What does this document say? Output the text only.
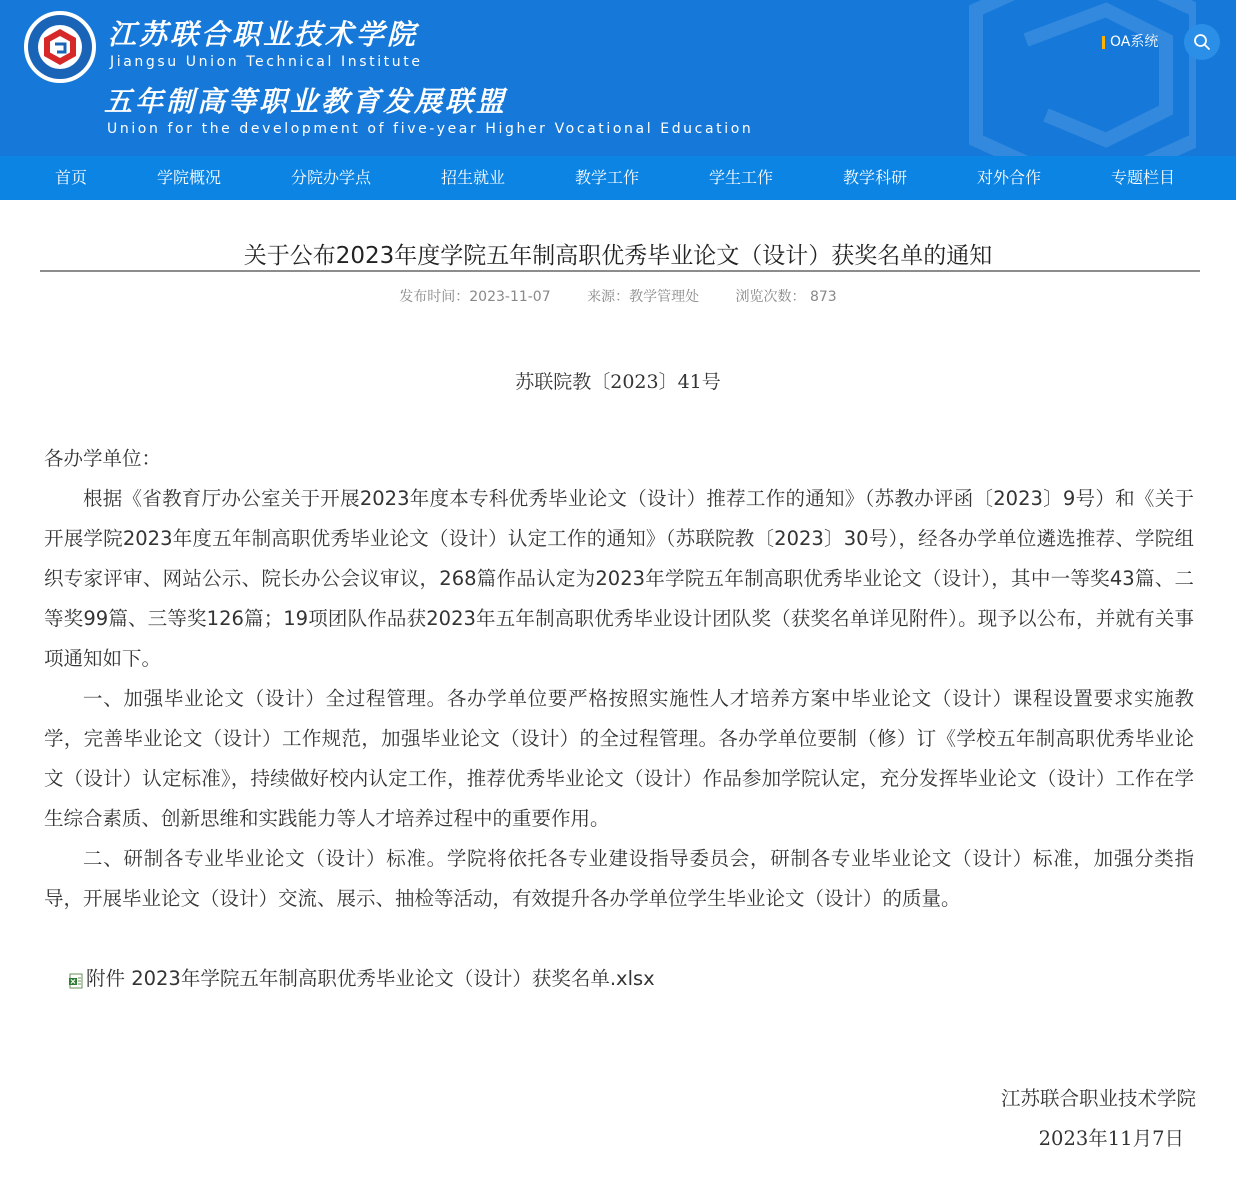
江苏联合职业技术学院
Jiangsu Union Technical Institute
五年制高等职业教育发展联盟
Union for the development of five-year Higher Vocational Education
OA系统
首页	学院概况	分院办学点	招生就业	教学工作	学生工作	教学科研	对外合作	专题栏目
关于公布2023年度学院五年制高职优秀毕业论文（设计）获奖名单的通知
发布时间：2023-11-07	来源：教学管理处	浏览次数： 873
苏联院教〔2023〕41号

各办学单位：

根据《省教育厅办公室关于开展2023年度本专科优秀毕业论文（设计）推荐工作的通知》（苏教办评函〔2023〕9号）和《关于开展学院2023年度五年制高职优秀毕业论文（设计）认定工作的通知》（苏联院教〔2023〕30号），经各办学单位遴选推荐、学院组织专家评审、网站公示、院长办公会议审议，268篇作品认定为2023年学院五年制高职优秀毕业论文（设计），其中一等奖43篇、二等奖99篇、三等奖126篇；19项团队作品获2023年五年制高职优秀毕业设计团队奖（获奖名单详见附件）。现予以公布，并就有关事项通知如下。

一、加强毕业论文（设计）全过程管理。各办学单位要严格按照实施性人才培养方案中毕业论文（设计）课程设置要求实施教学，完善毕业论文（设计）工作规范，加强毕业论文（设计）的全过程管理。各办学单位要制（修）订《学校五年制高职优秀毕业论文（设计）认定标准》，持续做好校内认定工作，推荐优秀毕业论文（设计）作品参加学院认定，充分发挥毕业论文（设计）工作在学生综合素质、创新思维和实践能力等人才培养过程中的重要作用。

二、研制各专业毕业论文（设计）标准。学院将依托各专业建设指导委员会，研制各专业毕业论文（设计）标准，加强分类指导，开展毕业论文（设计）交流、展示、抽检等活动，有效提升各办学单位学生毕业论文（设计）的质量。

附件 2023年学院五年制高职优秀毕业论文（设计）获奖名单.xlsx
江苏联合职业技术学院
2023年11月7日
